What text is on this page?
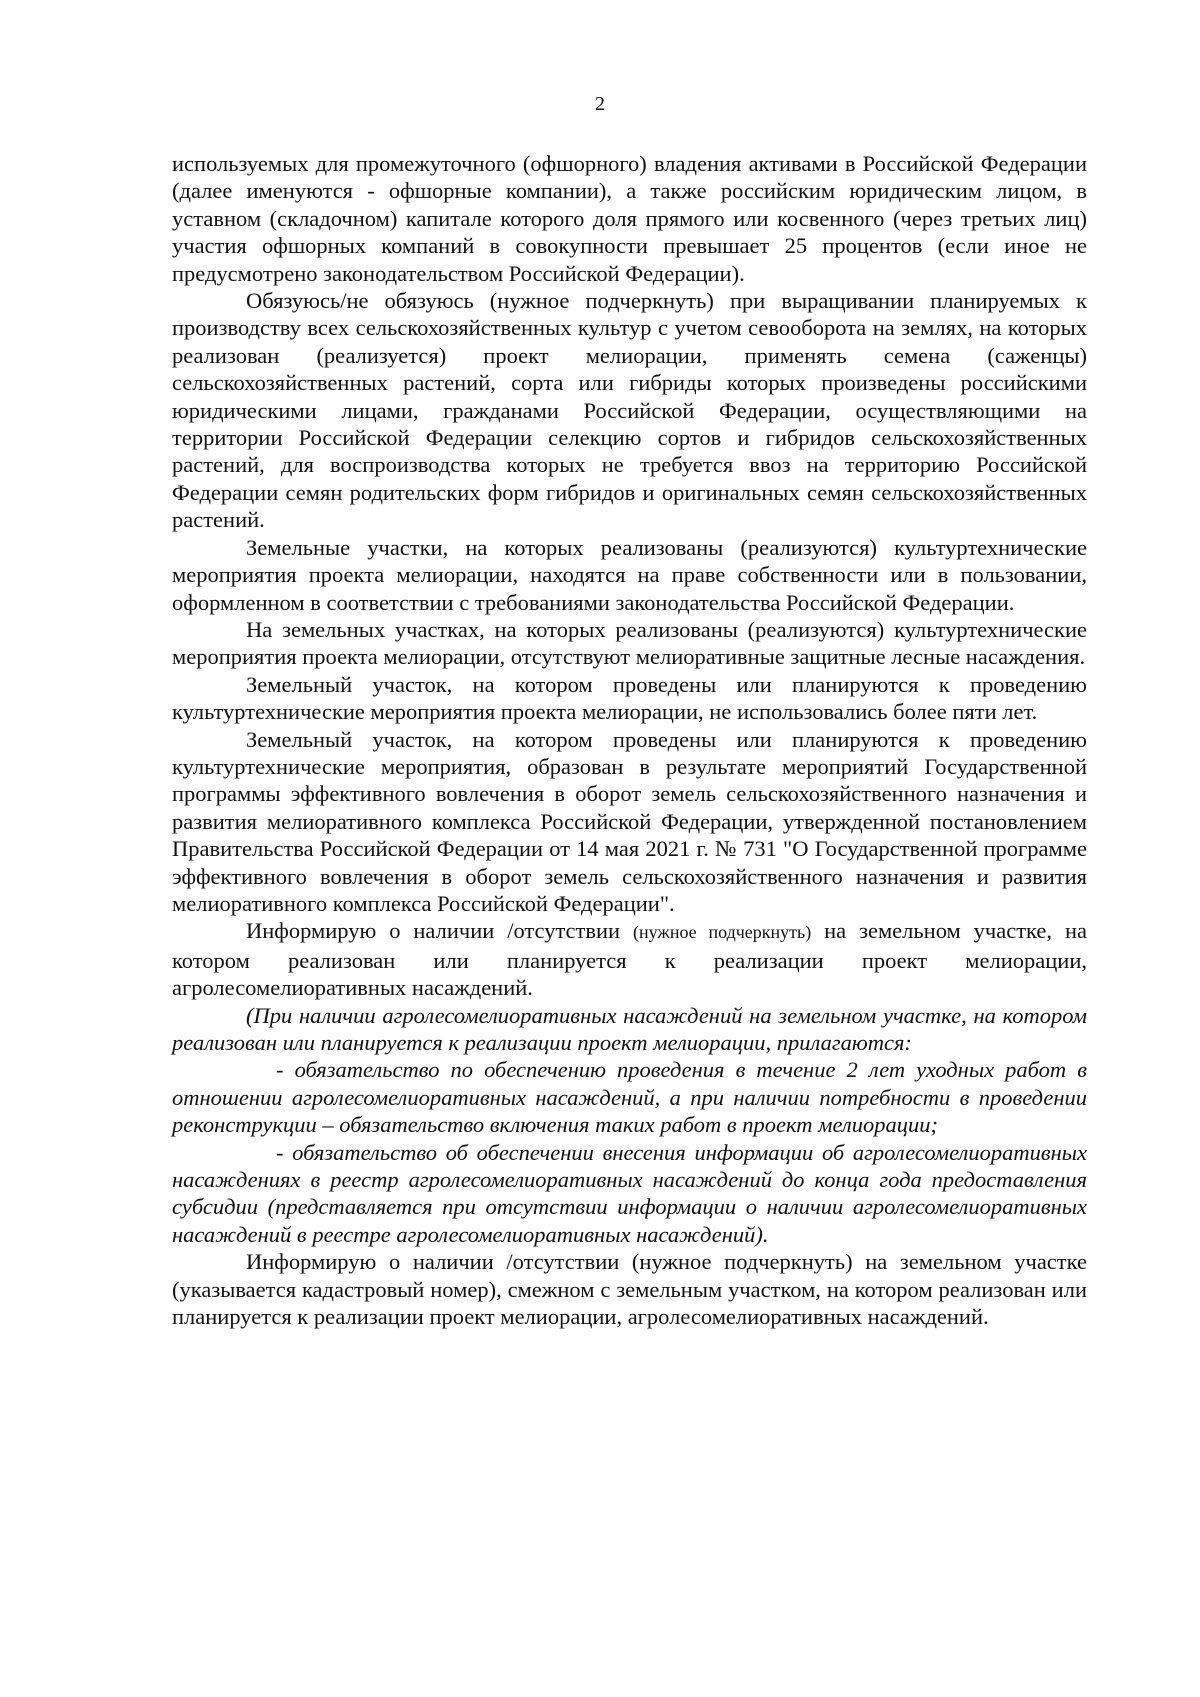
2

используемых для промежуточного (офшорного) владения активами в Российской Федерации (далее именуются - офшорные компании), а также российским юридическим лицом, в уставном (складочном) капитале которого доля прямого или косвенного (через третьих лиц) участия офшорных компаний в совокупности превышает 25 процентов (если иное не предусмотрено законодательством Российской Федерации).

Обязуюсь/не обязуюсь (нужное подчеркнуть) при выращивании планируемых к производству всех сельскохозяйственных культур с учетом севооборота на землях, на которых реализован (реализуется) проект мелиорации, применять семена (саженцы) сельскохозяйственных растений, сорта или гибриды которых произведены российскими юридическими лицами, гражданами Российской Федерации, осуществляющими на территории Российской Федерации селекцию сортов и гибридов сельскохозяйственных растений, для воспроизводства которых не требуется ввоз на территорию Российской Федерации семян родительских форм гибридов и оригинальных семян сельскохозяйственных растений.

Земельные участки, на которых реализованы (реализуются) культуртехнические мероприятия проекта мелиорации, находятся на праве собственности или в пользовании, оформленном в соответствии с требованиями законодательства Российской Федерации.

На земельных участках, на которых реализованы (реализуются) культуртехнические мероприятия проекта мелиорации, отсутствуют мелиоративные защитные лесные насаждения.

Земельный участок, на котором проведены или планируются к проведению культуртехнические мероприятия проекта мелиорации, не использовались более пяти лет.

Земельный участок, на котором проведены или планируются к проведению культуртехнические мероприятия, образован в результате мероприятий Государственной программы эффективного вовлечения в оборот земель сельскохозяйственного назначения и развития мелиоративного комплекса Российской Федерации, утвержденной постановлением Правительства Российской Федерации от 14 мая 2021 г. № 731 "О Государственной программе эффективного вовлечения в оборот земель сельскохозяйственного назначения и развития мелиоративного комплекса Российской Федерации".

Информирую о наличии /отсутствии (нужное подчеркнуть) на земельном участке, на котором реализован или планируется к реализации проект мелиорации, агролесомелиоративных насаждений.

(При наличии агролесомелиоративных насаждений на земельном участке, на котором реализован или планируется к реализации проект мелиорации, прилагаются:

- обязательство по обеспечению проведения в течение 2 лет уходных работ в отношении агролесомелиоративных насаждений, а при наличии потребности в проведении реконструкции – обязательство включения таких работ в проект мелиорации;

- обязательство об обеспечении внесения информации об агролесомелиоративных насаждениях в реестр агролесомелиоративных насаждений до конца года предоставления субсидии (представляется при отсутствии информации о наличии агролесомелиоративных насаждений в реестре агролесомелиоративных насаждений).

Информирую о наличии /отсутствии (нужное подчеркнуть) на земельном участке (указывается кадастровый номер), смежном с земельным участком, на котором реализован или планируется к реализации проект мелиорации, агролесомелиоративных насаждений.
